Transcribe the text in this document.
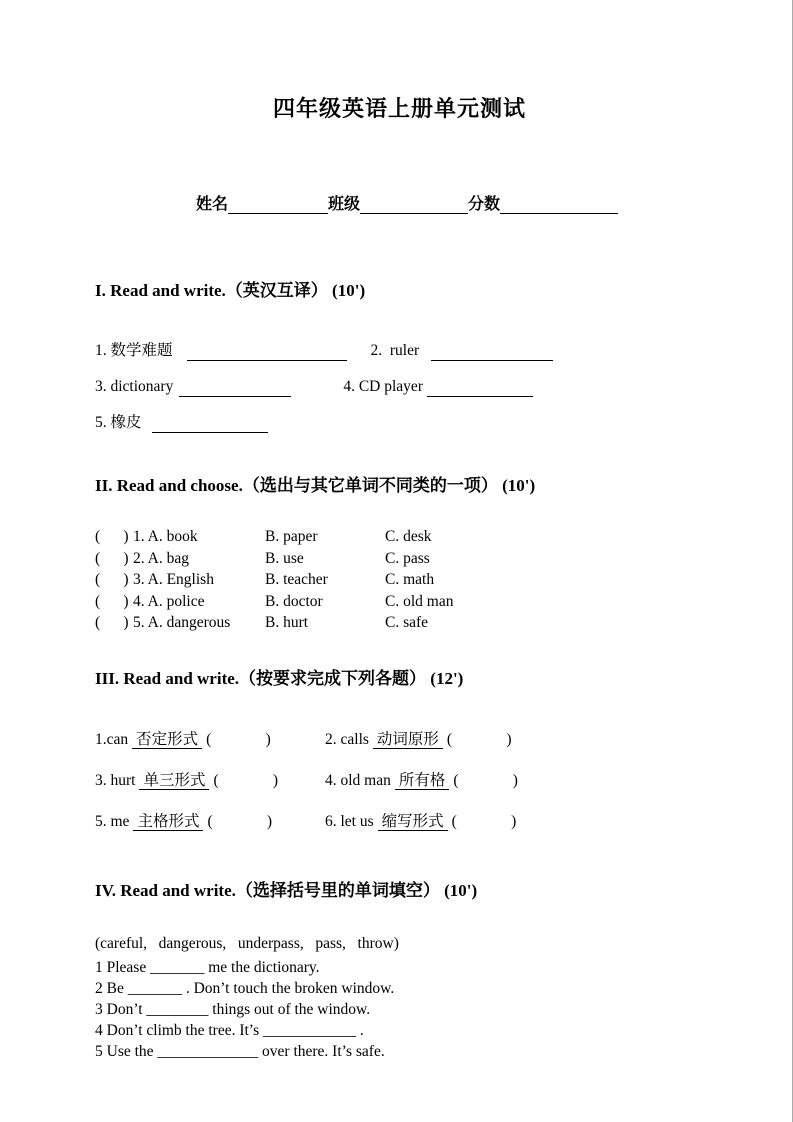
四年级英语上册单元测试

姓名	班级	分数

I. Read and write.（英汉互译） (10')
1. 数学难题	2.  ruler
3. dictionary	4. CD player
5. 橡皮
II. Read and choose.（选出与其它单词不同类的一项） (10')
(      ) 1. A. book	B. paper	C. desk
(      ) 2. A. bag	B. use	C. pass
(      ) 3. A. English	B. teacher	C. math
(      ) 4. A. police	B. doctor	C. old man
(      ) 5. A. dangerous	B. hurt	C. safe
III. Read and write.（按要求完成下列各题） (12')
1.can 否定形式 (              )	2. calls 动词原形 (              )
3. hurt 单三形式 (              )	4. old man 所有格 (              )
5. me 主格形式 (              )	6. let us 缩写形式 (              )
IV. Read and write.（选择括号里的单词填空） (10')
(careful,   dangerous,   underpass,   pass,   throw)
1 Please _______ me the dictionary.
2 Be _______ . Don’t touch the broken window.
3 Don’t ________ things out of the window.
4 Don’t climb the tree. It’s ____________ .
5 Use the _____________ over there. It’s safe.
